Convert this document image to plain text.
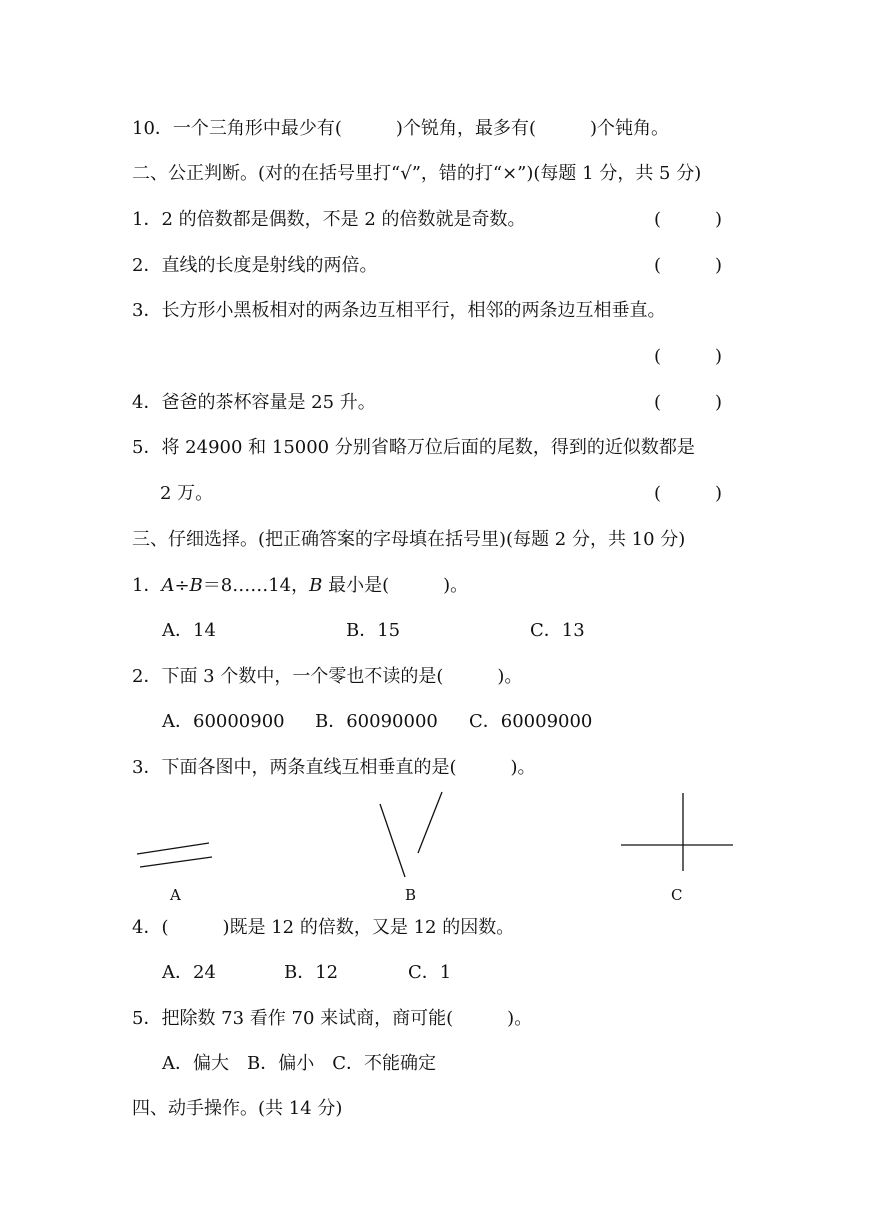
10．一个三角形中最少有(　　　)个锐角，最多有(　　　)个钝角。
二、公正判断。(对的在括号里打“√”，错的打“×”)(每题 1 分，共 5 分)
1．2 的倍数都是偶数，不是 2 的倍数就是奇数。	(　　　)
2．直线的长度是射线的两倍。	(　　　)
3．长方形小黑板相对的两条边互相平行，相邻的两条边互相垂直。
(　　　)
4．爸爸的茶杯容量是 25 升。	(　　　)
5．将 24900 和 15000 分别省略万位后面的尾数，得到的近似数都是
2 万。	(　　　)
三、仔细选择。(把正确答案的字母填在括号里)(每题 2 分，共 10 分)
1．A÷B＝8……14，B 最小是(　　　)。
A．14	B．15	C．13
2．下面 3 个数中，一个零也不读的是(　　　)。
A．60000900 B．60090000 C．60009000
3．下面各图中，两条直线互相垂直的是(　　　)。
A	B	C
4．(　　　)既是 12 的倍数，又是 12 的因数。
A．24	B．12	C．1
5．把除数 73 看作 70 来试商，商可能(　　　)。
A．偏大　B．偏小　C．不能确定
四、动手操作。(共 14 分)
